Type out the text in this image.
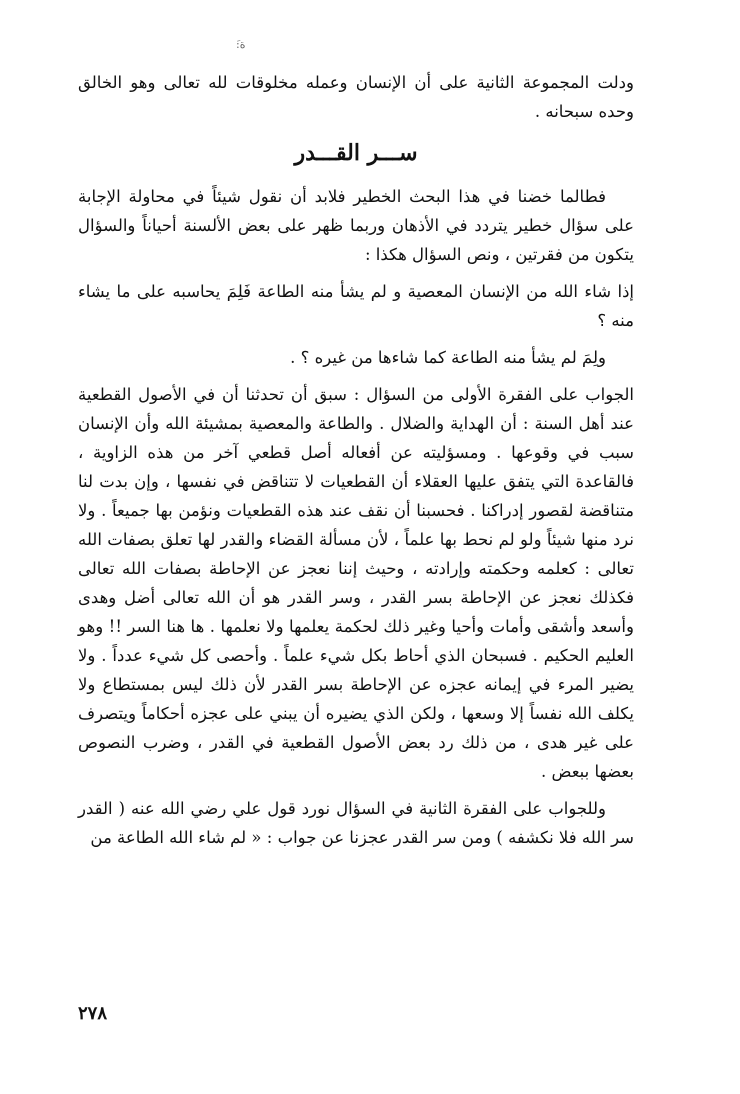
َ:ة

ودلت المجموعة الثانية على أن الإنسان وعمله مخلوقات لله تعالى وهو الخالق وحده سبحانه .

ســـر القـــدر

فطالما خضنا في هذا البحث الخطير فلابد أن نقول شيئاً في محاولة الإجابة على سؤال خطير يتردد في الأذهان وربما ظهر على بعض الألسنة أحياناً والسؤال يتكون من فقرتين ، ونص السؤال هكذا :

إذا شاء الله من الإنسان المعصية و لم يشأ منه الطاعة فَلِمَ يحاسبه على ما يشاء منه ؟

ولِمَ لم يشأ منه الطاعة كما شاءها من غيره ؟ .

الجواب على الفقرة الأولى من السؤال : سبق أن تحدثنا أن في الأصول القطعية عند أهل السنة : أن الهداية والضلال . والطاعة والمعصية بمشيئة الله وأن الإنسان سبب في وقوعها . ومسؤليته عن أفعاله أصل قطعي آخر من هذه الزاوية ، فالقاعدة التي يتفق عليها العقلاء أن القطعيات لا تتناقض في نفسها ، وإن بدت لنا متناقضة لقصور إدراكنا . فحسبنا أن نقف عند هذه القطعيات ونؤمن بها جميعاً . ولا نرد منها شيئاً ولو لم نحط بها علماً ، لأن مسألة القضاء والقدر لها تعلق بصفات الله تعالى : كعلمه وحكمته وإرادته ، وحيث إننا نعجز عن الإحاطة بصفات الله تعالى فكذلك نعجز عن الإحاطة بسر القدر ، وسر القدر هو أن الله تعالى أضل وهدى وأسعد وأشقى وأمات وأحيا وغير ذلك لحكمة يعلمها ولا نعلمها . ها هنا السر !! وهو العليم الحكيم . فسبحان الذي أحاط بكل شيء علماً . وأحصى كل شيء عدداً . ولا يضير المرء في إيمانه عجزه عن الإحاطة بسر القدر لأن ذلك ليس بمستطاع ولا يكلف الله نفساً إلا وسعها ، ولكن الذي يضيره أن يبني على عجزه أحكاماً ويتصرف على غير هدى ، من ذلك رد بعض الأصول القطعية في القدر ، وضرب النصوص بعضها ببعض .

وللجواب على الفقرة الثانية في السؤال نورد قول علي رضي الله عنه ( القدر سر الله فلا نكشفه ) ومن سر القدر عجزنا عن جواب : « لم شاء الله الطاعة من

٢٧٨
